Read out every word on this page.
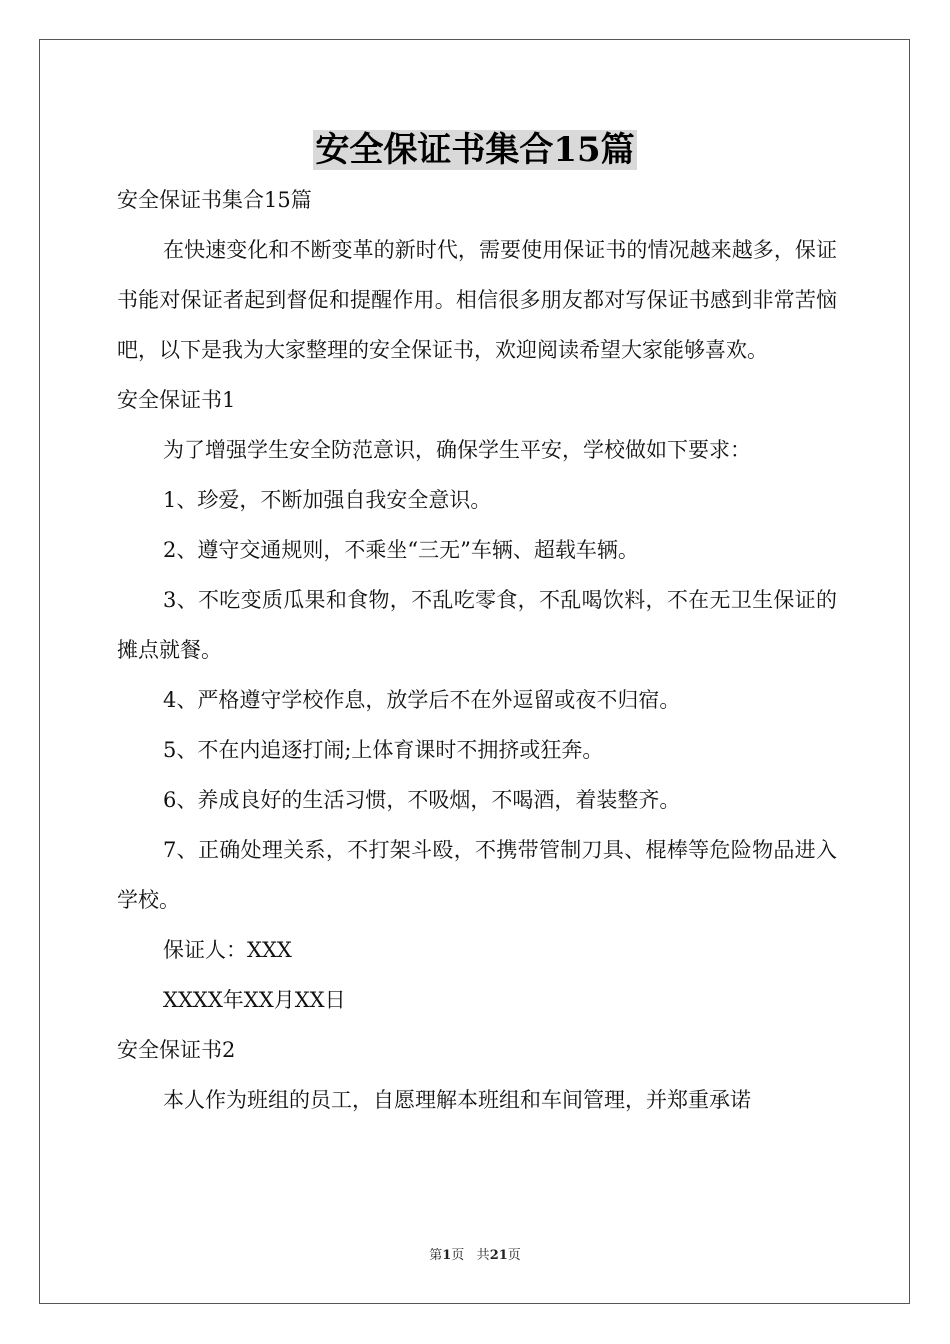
安全保证书集合15篇

安全保证书集合15篇

在快速变化和不断变革的新时代，需要使用保证书的情况越来越多，保证书能对保证者起到督促和提醒作用。相信很多朋友都对写保证书感到非常苦恼吧，以下是我为大家整理的安全保证书，欢迎阅读希望大家能够喜欢。

安全保证书1

为了增强学生安全防范意识，确保学生平安，学校做如下要求：

1、珍爱，不断加强自我安全意识。

2、遵守交通规则，不乘坐“三无”车辆、超载车辆。

3、不吃变质瓜果和食物，不乱吃零食，不乱喝饮料，不在无卫生保证的摊点就餐。

4、严格遵守学校作息，放学后不在外逗留或夜不归宿。

5、不在内追逐打闹;上体育课时不拥挤或狂奔。

6、养成良好的生活习惯，不吸烟，不喝酒，着装整齐。

7、正确处理关系，不打架斗殴，不携带管制刀具、棍棒等危险物品进入学校。

保证人：XXX

XXXX年XX月XX日

安全保证书2

本人作为班组的员工，自愿理解本班组和车间管理，并郑重承诺

第1页 共21页
